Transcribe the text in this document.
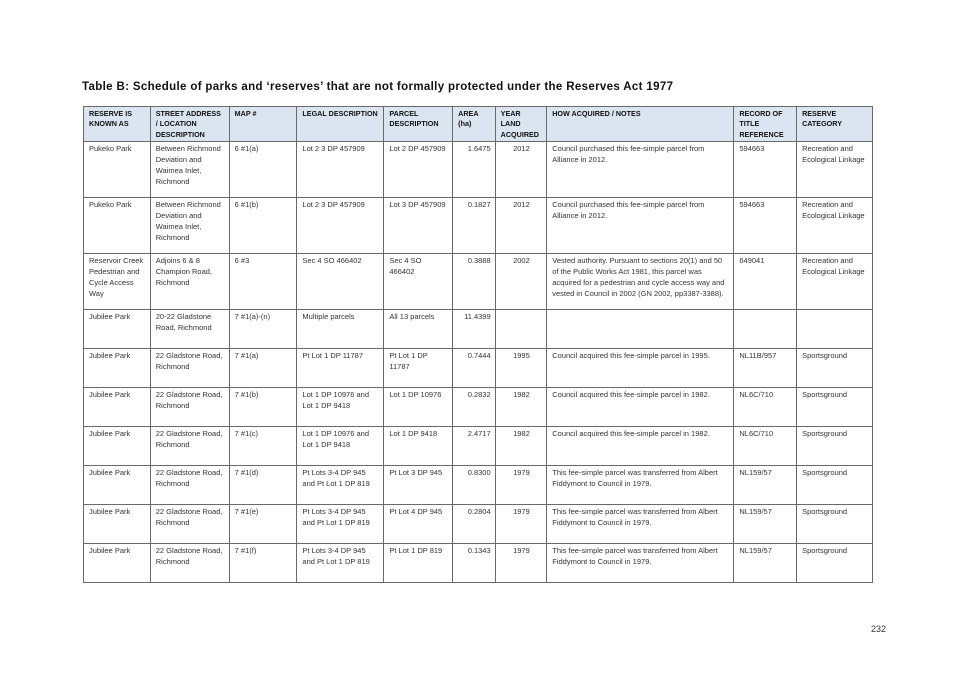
Table B: Schedule of parks and ‘reserves’ that are not formally protected under the Reserves Act 1977
RESERVE IS KNOWN AS	STREET ADDRESS / LOCATION DESCRIPTION	MAP #	LEGAL DESCRIPTION	PARCEL DESCRIPTION	AREA (ha)	YEAR LAND ACQUIRED	HOW ACQUIRED / NOTES	RECORD OF TITLE REFERENCE	RESERVE CATEGORY
Pukeko Park	Between Richmond Deviation and Waimea Inlet, Richmond	6 #1(a)	Lot 2 3 DP 457909	Lot 2 DP 457909	1.6475	2012	Council purchased this fee-simple parcel from Alliance in 2012.	594663	Recreation and Ecological Linkage
Pukeko Park	Between Richmond Deviation and Waimea Inlet, Richmond	6 #1(b)	Lot 2 3 DP 457909	Lot 3 DP 457909	0.1827	2012	Council purchased this fee-simple parcel from Alliance in 2012.	594663	Recreation and Ecological Linkage
Reservoir Creek Pedestrian and Cycle Access Way	Adjoins 6 & 8 Champion Road, Richmond	6 #3	Sec 4 SO 466402	Sec 4 SO 466402	0.3888	2002	Vested authority. Pursuant to sections 20(1) and 50 of the Public Works Act 1981, this parcel was acquired for a pedestrian and cycle access way and vested in Council in 2002 (GN 2002, pp3387-3388).	649041	Recreation and Ecological Linkage
Jubilee Park	20-22 Gladstone Road, Richmond	7 #1(a)-(n)	Multiple parcels	All 13 parcels	11.4399				
Jubilee Park	22 Gladstone Road, Richmond	7 #1(a)	Pt Lot 1 DP 11787	Pt Lot 1 DP 11787	0.7444	1995	Council acquired this fee-simple parcel in 1995.	NL11B/957	Sportsground
Jubilee Park	22 Gladstone Road, Richmond	7 #1(b)	Lot 1 DP 10976 and Lot 1 DP 9418	Lot 1 DP 10976	0.2832	1982	Council acquired this fee-simple parcel in 1982.	NL6C/710	Sportsground
Jubilee Park	22 Gladstone Road, Richmond	7 #1(c)	Lot 1 DP 10976 and Lot 1 DP 9418	Lot 1 DP 9418	2.4717	1982	Council acquired this fee-simple parcel in 1982.	NL6C/710	Sportsground
Jubilee Park	22 Gladstone Road, Richmond	7 #1(d)	Pt Lots 3-4 DP 945 and Pt Lot 1 DP 819	Pt Lot 3 DP 945	0.8300	1979	This fee-simple parcel was transferred from Albert Fiddymont to Council in 1979.	NL159/57	Sportsground
Jubilee Park	22 Gladstone Road, Richmond	7 #1(e)	Pt Lots 3-4 DP 945 and Pt Lot 1 DP 819	Pt Lot 4 DP 945	0.2804	1979	This fee-simple parcel was transferred from Albert Fiddymont to Council in 1979.	NL159/57	Sportsground
Jubilee Park	22 Gladstone Road, Richmond	7 #1(f)	Pt Lots 3-4 DP 945 and Pt Lot 1 DP 819	Pt Lot 1 DP 819	0.1343	1979	This fee-simple parcel was transferred from Albert Fiddymont to Council in 1979.	NL159/57	Sportsground
232
